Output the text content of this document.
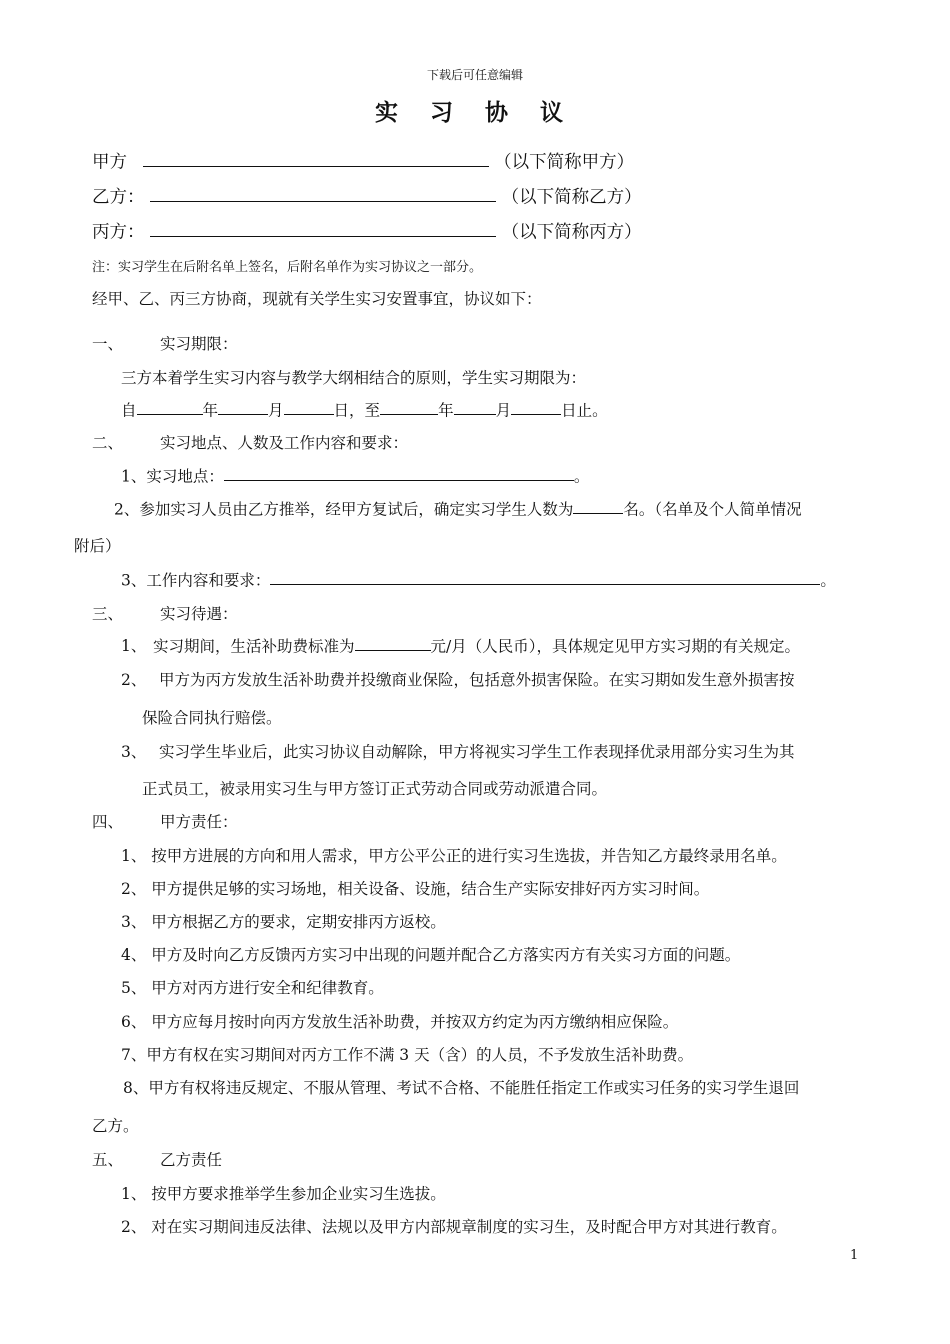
下载后可任意编辑
实 习 协 议
甲方	（以下简称甲方）
乙方：	（以下简称乙方）
丙方：	（以下简称丙方）
注：实习学生在后附名单上签名，后附名单作为实习协议之一部分。
经甲、乙、丙三方协商，现就有关学生实习安置事宜，协议如下：
一、 实习期限：
三方本着学生实习内容与教学大纲相结合的原则，学生实习期限为：
自	年	月	日，至	年	月	日止。
二、 实习地点、人数及工作内容和要求：
1、实习地点：	。
2、参加实习人员由乙方推举，经甲方复试后，确定实习学生人数为	名。（名单及个人简单情况
附后）
3、工作内容和要求：	。
三、 实习待遇：
1、 实习期间，生活补助费标准为	元/月（人民币），具体规定见甲方实习期的有关规定。
2、 甲方为丙方发放生活补助费并投缴商业保险，包括意外损害保险。在实习期如发生意外损害按
保险合同执行赔偿。
3、 实习学生毕业后，此实习协议自动解除，甲方将视实习学生工作表现择优录用部分实习生为其
正式员工，被录用实习生与甲方签订正式劳动合同或劳动派遣合同。
四、 甲方责任：
1、 按甲方进展的方向和用人需求，甲方公平公正的进行实习生选拔，并告知乙方最终录用名单。
2、 甲方提供足够的实习场地，相关设备、设施，结合生产实际安排好丙方实习时间。
3、 甲方根据乙方的要求，定期安排丙方返校。
4、 甲方及时向乙方反馈丙方实习中出现的问题并配合乙方落实丙方有关实习方面的问题。
5、 甲方对丙方进行安全和纪律教育。
6、 甲方应每月按时向丙方发放生活补助费，并按双方约定为丙方缴纳相应保险。
7、甲方有权在实习期间对丙方工作不满 3 天（含）的人员，不予发放生活补助费。
8、甲方有权将违反规定、不服从管理、考试不合格、不能胜任指定工作或实习任务的实习学生退回
乙方。
五、 乙方责任
1、 按甲方要求推举学生参加企业实习生选拔。
2、 对在实习期间违反法律、法规以及甲方内部规章制度的实习生，及时配合甲方对其进行教育。
1
